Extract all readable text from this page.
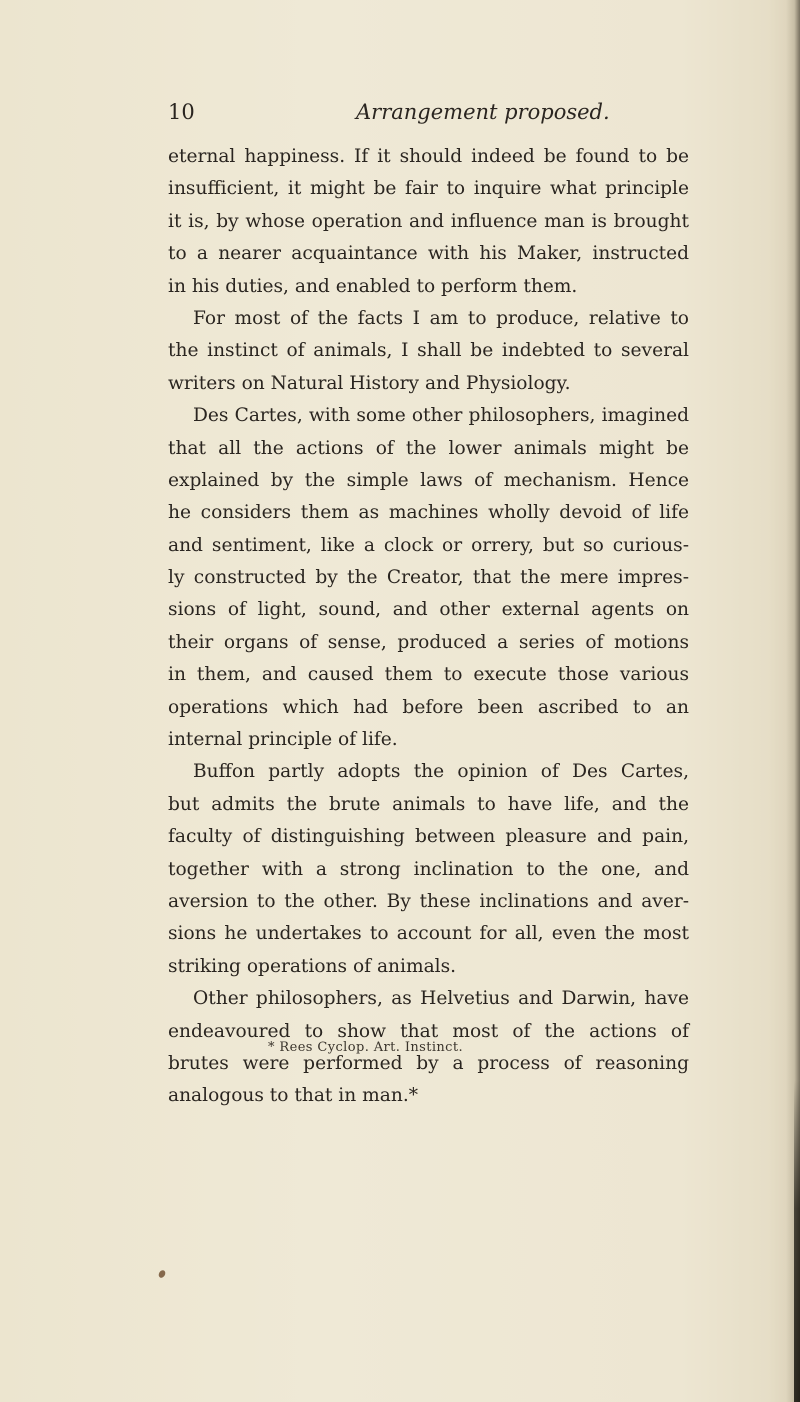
10	Arrangement proposed.
eternal happiness. If it should indeed be found to be
insufficient, it might be fair to inquire what principle
it is, by whose operation and influence man is brought
to a nearer acquaintance with his Maker, instructed
in his duties, and enabled to perform them.
For most of the facts I am to produce, relative to
the instinct of animals, I shall be indebted to several
writers on Natural History and Physiology.
Des Cartes, with some other philosophers, imagined
that all the actions of the lower animals might be
explained by the simple laws of mechanism. Hence
he considers them as machines wholly devoid of life
and sentiment, like a clock or orrery, but so curious-
ly constructed by the Creator, that the mere impres-
sions of light, sound, and other external agents on
their organs of sense, produced a series of motions
in them, and caused them to execute those various
operations which had before been ascribed to an
internal principle of life.
Buffon partly adopts the opinion of Des Cartes,
but admits the brute animals to have life, and the
faculty of distinguishing between pleasure and pain,
together with a strong inclination to the one, and
aversion to the other. By these inclinations and aver-
sions he undertakes to account for all, even the most
striking operations of animals.
Other philosophers, as Helvetius and Darwin, have
endeavoured to show that most of the actions of
brutes were performed by a process of reasoning
analogous to that in man.*
* Rees Cyclop. Art. Instinct.
